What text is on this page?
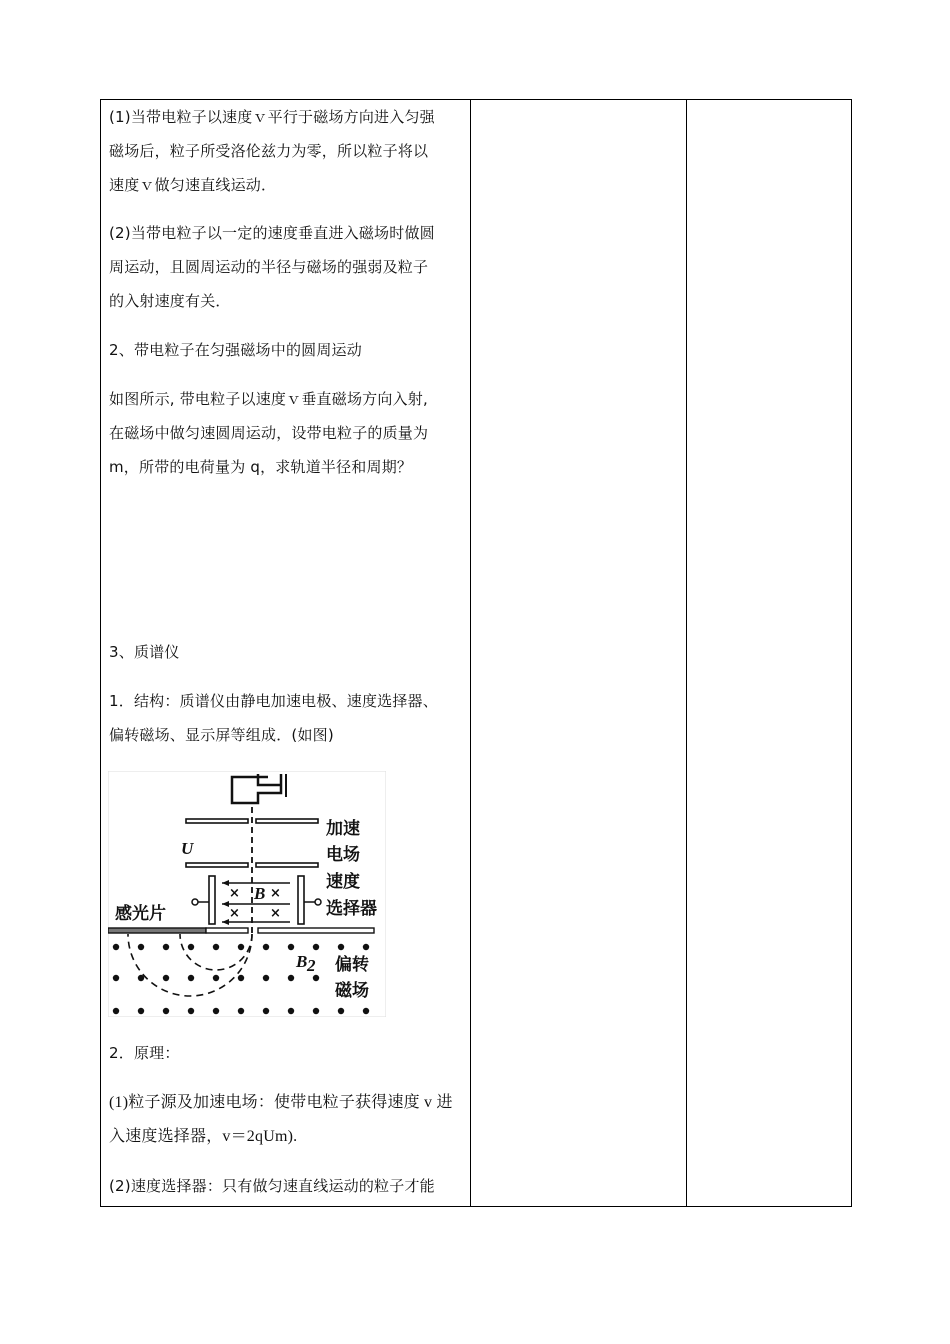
(1)当带电粒子以速度ｖ平行于磁场方向进入匀强
磁场后，粒子所受洛伦兹力为零，所以粒子将以
速度ｖ做匀速直线运动．
(2)当带电粒子以一定的速度垂直进入磁场时做圆
周运动，且圆周运动的半径与磁场的强弱及粒子
的入射速度有关．
2、带电粒子在匀强磁场中的圆周运动
如图所示, 带电粒子以速度ｖ垂直磁场方向入射,
在磁场中做匀速圆周运动，设带电粒子的质量为
m，所带的电荷量为 q，求轨道半径和周期？
3、质谱仪
1．结构：质谱仪由静电加速电极、速度选择器、
偏转磁场、显示屏等组成．(如图)
U
× ×
× ×
B
加速
电场
速度
选择器
感光片
B 2 偏转
磁场
2．原理：
(1)粒子源及加速电场：使带电粒子获得速度 v 进
入速度选择器，v＝2qUm).
(2)速度选择器：只有做匀速直线运动的粒子才能
